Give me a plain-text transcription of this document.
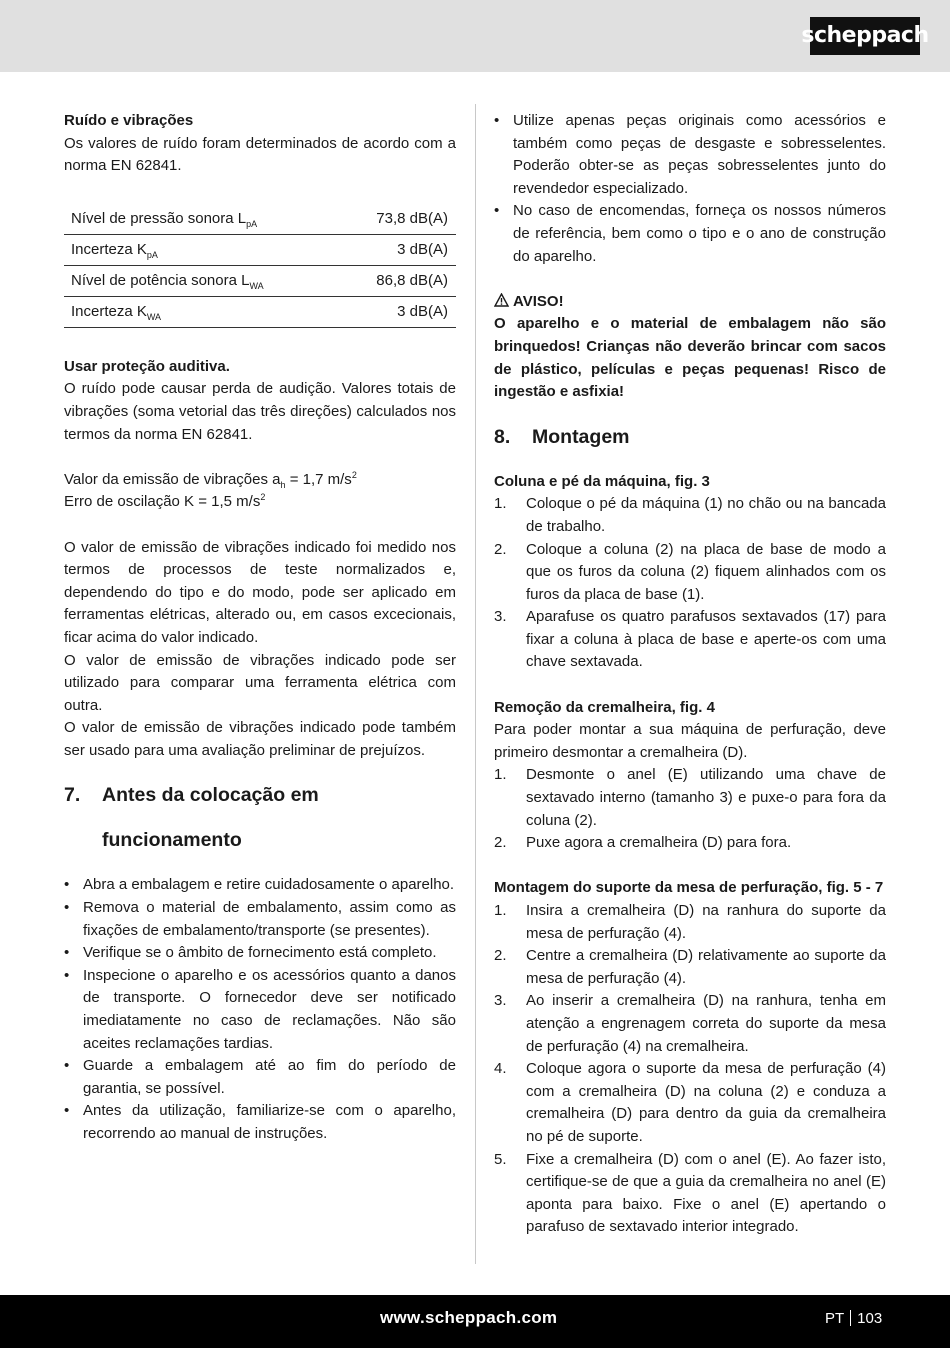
scheppach

Ruído e vibrações

Os valores de ruído foram determinados de acordo com a norma EN 62841.

Nível de pressão sonora $L_{pA}$	73,8 dB(A)
Incerteza $K_{pA}$	3 dB(A)
Nível de potência sonora $L_{WA}$	86,8 dB(A)
Incerteza $K_{WA}$	3 dB(A)

Usar proteção auditiva.

O ruído pode causar perda de audição. Valores totais de vibrações (soma vetorial das três direções) calculados nos termos da norma EN 62841.

Valor da emissão de vibrações $a_h = 1,7$ $m/s^2$

Erro de oscilação K = 1,5 $m/s^2$

O valor de emissão de vibrações indicado foi medido nos termos de processos de teste normalizados e, dependendo do tipo e do modo, pode ser aplicado em ferramentas elétricas, alterado ou, em casos excecionais, ficar acima do valor indicado.

O valor de emissão de vibrações indicado pode ser utilizado para comparar uma ferramenta elétrica com outra.

O valor de emissão de vibrações indicado pode também ser usado para uma avaliação preliminar de prejuízos.

7.	Antes da colocação em
funcionamento
• Abra a embalagem e retire cuidadosamente o aparelho.
• Remova o material de embalamento, assim como as fixações de embalamento/transporte (se presentes).
• Verifique se o âmbito de fornecimento está completo.
• Inspecione o aparelho e os acessórios quanto a danos de transporte. O fornecedor deve ser notificado imediatamente no caso de reclamações. Não são aceites reclamações tardias.
• Guarde a embalagem até ao fim do período de garantia, se possível.
• Antes da utilização, familiarize-se com o aparelho, recorrendo ao manual de instruções.
• Utilize apenas peças originais como acessórios e também como peças de desgaste e sobresselentes. Poderão obter-se as peças sobresselentes junto do revendedor especializado.
• No caso de encomendas, forneça os nossos números de referência, bem como o tipo e o ano de construção do aparelho.

AVISO!

O aparelho e o material de embalagem não são brinquedos! Crianças não deverão brincar com sacos de plástico, películas e peças pequenas! Risco de ingestão e asfixia!

8.	Montagem

Coluna e pé da máquina, fig. 3

1.	Coloque o pé da máquina (1) no chão ou na bancada de trabalho.
2.	Coloque a coluna (2) na placa de base de modo a que os furos da coluna (2) fiquem alinhados com os furos da placa de base (1).
3.	Aparafuse os quatro parafusos sextavados (17) para fixar a coluna à placa de base e aperte-os com uma chave sextavada.

Remoção da cremalheira, fig. 4

Para poder montar a sua máquina de perfuração, deve primeiro desmontar a cremalheira (D).

1.	Desmonte o anel (E) utilizando uma chave de sextavado interno (tamanho 3) e puxe-o para fora da coluna (2).
2.	Puxe agora a cremalheira (D) para fora.

Montagem do suporte da mesa de perfuração, fig. 5 - 7

1.	Insira a cremalheira (D) na ranhura do suporte da mesa de perfuração (4).
2.	Centre a cremalheira (D) relativamente ao suporte da mesa de perfuração (4).
3.	Ao inserir a cremalheira (D) na ranhura, tenha em atenção a engrenagem correta do suporte da mesa de perfuração (4) na cremalheira.
4.	Coloque agora o suporte da mesa de perfuração (4) com a cremalheira (D) na coluna (2) e conduza a cremalheira (D) para dentro da guia da cremalheira no pé de suporte.
5.	Fixe a cremalheira (D) com o anel (E). Ao fazer isto, certifique-se de que a guia da cremalheira no anel (E) aponta para baixo. Fixe o anel (E) apertando o parafuso de sextavado interior integrado.
www.scheppach.com	PT 103
